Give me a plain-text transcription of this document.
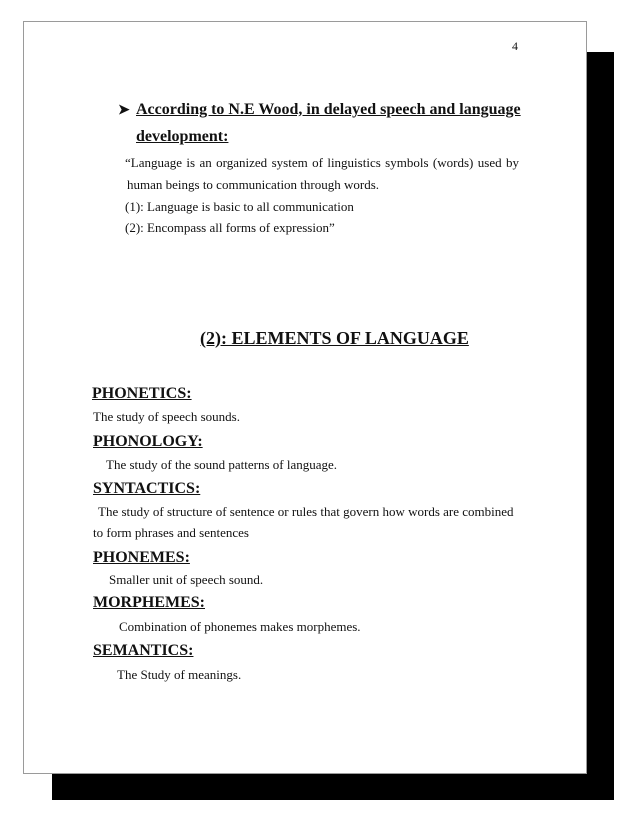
4
➤ According to N.E Wood, in delayed speech and language
development:
“Language is an organized system of linguistics symbols (words) used by
human beings to communication through words.
(1): Language is basic to all communication
(2): Encompass all forms of expression”
(2): ELEMENTS OF LANGUAGE
PHONETICS:
The study of speech sounds.
PHONOLOGY:
The study of the sound patterns of language.
SYNTACTICS:
The study of structure of sentence or rules that govern how words are combined
to form phrases and sentences
PHONEMES:
Smaller unit of speech sound.
MORPHEMES:
Combination of phonemes makes morphemes.
SEMANTICS:
The Study of meanings.
